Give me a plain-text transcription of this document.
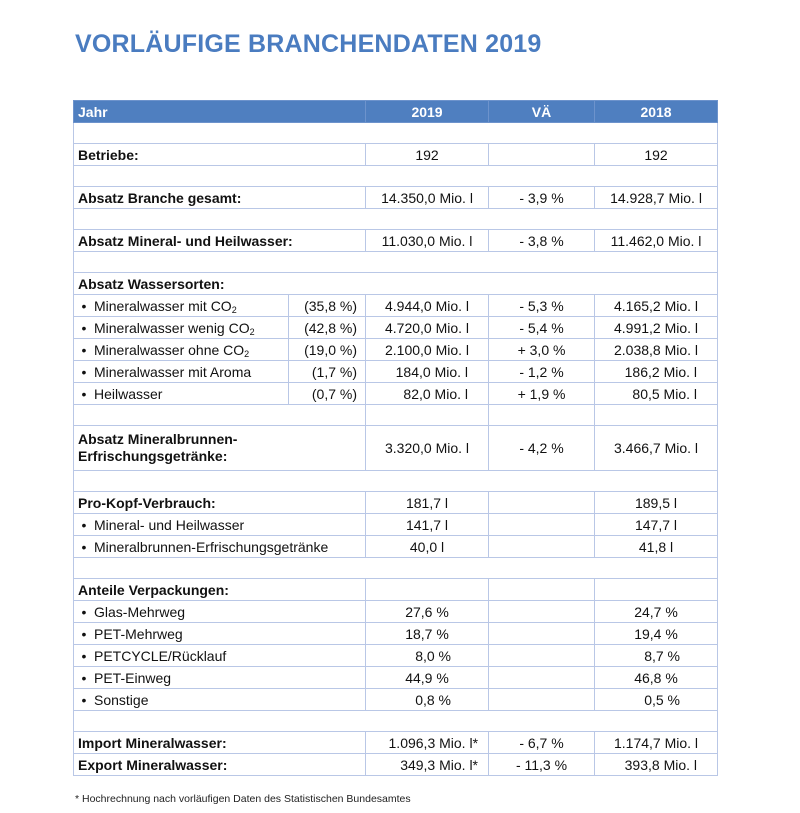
VORLÄUFIGE BRANCHENDATEN 2019
Jahr		2019	VÄ	2018

Betriebe:		192		192

Absatz Branche gesamt:		14.350,0 Mio. l	- 3,9 %	14.928,7 Mio. l

Absatz Mineral- und Heilwasser:		11.030,0 Mio. l	- 3,8 %	11.462,0 Mio. l

Absatz Wassersorten:				
• Mineralwasser mit $CO_2$	(35,8 %)	4.944,0 Mio. l	- 5,3 %	4.165,2 Mio. l
• Mineralwasser wenig $CO_2$	(42,8 %)	4.720,0 Mio. l	- 5,4 %	4.991,2 Mio. l
• Mineralwasser ohne $CO_2$	(19,0 %)	2.100,0 Mio. l	+ 3,0 %	2.038,8 Mio. l
• Mineralwasser mit Aroma	(1,7 %)	184,0 Mio. l	- 1,2 %	186,2 Mio. l
• Heilwasser	(0,7 %)	82,0 Mio. l	+ 1,9 %	80,5 Mio. l

Absatz Mineralbrunnen-
Erfrischungsgetränke:		3.320,0 Mio. l	- 4,2 %	3.466,7 Mio. l

Pro-Kopf-Verbrauch:		181,7 l		189,5 l
• Mineral- und Heilwasser		141,7 l		147,7 l
• Mineralbrunnen-Erfrischungsgetränke		40,0 l		41,8 l

Anteile Verpackungen:				
• Glas-Mehrweg		27,6 %		24,7 %
• PET-Mehrweg		18,7 %		19,4 %
• PETCYCLE/Rücklauf		8,0 %		8,7 %
• PET-Einweg		44,9 %		46,8 %
• Sonstige		0,8 %		0,5 %

Import Mineralwasser:		1.096,3 Mio. l*	- 6,7 %	1.174,7 Mio. l
Export Mineralwasser:		349,3 Mio. l*	- 11,3 %	393,8 Mio. l
* Hochrechnung nach vorläufigen Daten des Statistischen Bundesamtes
